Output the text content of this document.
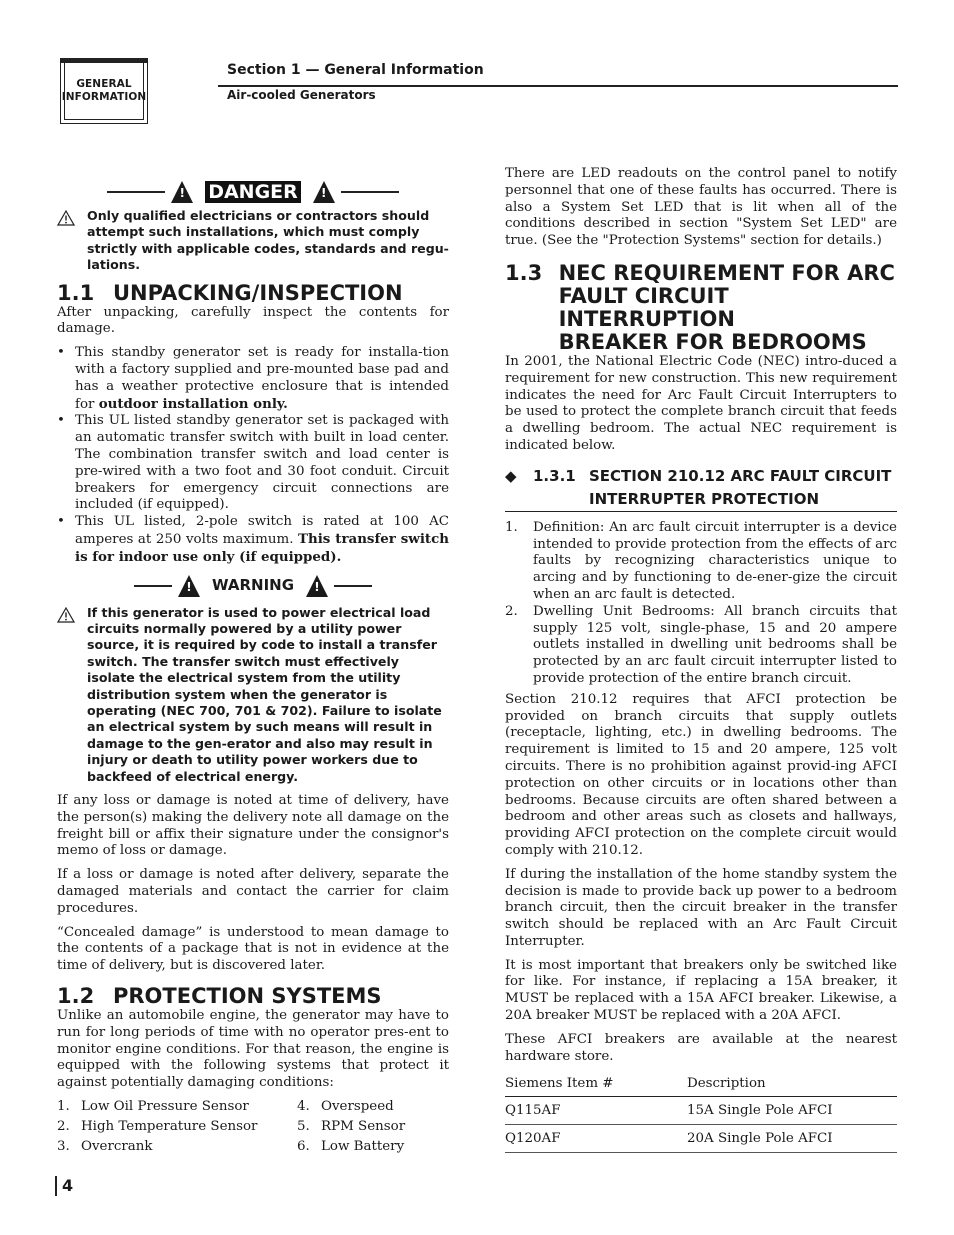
GENERAL
INFORMATION
Section 1 — General Information
Air-cooled Generators
! DANGER !
Only qualified electricians or contractors should attempt such installations, which must comply strictly with applicable codes, standards and regu-lations.
1.1 UNPACKING/INSPECTION

After unpacking, carefully inspect the contents for damage.

• This standby generator set is ready for installa-tion with a factory supplied and pre-mounted base pad and has a weather protective enclosure that is intended for outdoor installation only.
• This UL listed standby generator set is packaged with an automatic transfer switch with built in load center. The combination transfer switch and load center is pre-wired with a two foot and 30 foot conduit. Circuit breakers for emergency circuit connections are included (if equipped).
• This UL listed, 2-pole switch is rated at 100 AC amperes at 250 volts maximum. This transfer switch is for indoor use only (if equipped).
! WARNING !
If this generator is used to power electrical load circuits normally powered by a utility power source, it is required by code to install a transfer switch. The transfer switch must effectively isolate the electrical system from the utility distribution system when the generator is operating (NEC 700, 701 & 702). Failure to isolate an electrical system by such means will result in damage to the gen-erator and also may result in injury or death to utility power workers due to backfeed of electrical energy.

If any loss or damage is noted at time of delivery, have the person(s) making the delivery note all damage on the freight bill or affix their signature under the consignor's memo of loss or damage.

If a loss or damage is noted after delivery, separate the damaged materials and contact the carrier for claim procedures.

“Concealed damage” is understood to mean damage to the contents of a package that is not in evidence at the time of delivery, but is discovered later.

1.2 PROTECTION SYSTEMS

Unlike an automobile engine, the generator may have to run for long periods of time with no operator pres-ent to monitor engine conditions. For that reason, the engine is equipped with the following systems that protect it against potentially damaging conditions:

1. Low Oil Pressure Sensor	4. Overspeed
2. High Temperature Sensor	5. RPM Sensor
3. Overcrank	6. Low Battery

There are LED readouts on the control panel to notify personnel that one of these faults has occurred. There is also a System Set LED that is lit when all of the conditions described in section "System Set LED" are true. (See the "Protection Systems" section for details.)

1.3 NEC REQUIREMENT FOR ARC
FAULT CIRCUIT INTERRUPTION
BREAKER FOR BEDROOMS

In 2001, the National Electric Code (NEC) intro-duced a requirement for new construction. This new requirement indicates the need for Arc Fault Circuit Interrupters to be used to protect the complete branch circuit that feeds a dwelling bedroom. The actual NEC requirement is indicated below.

◆	1.3.1 SECTION 210.12 ARC FAULT CIRCUIT
INTERRUPTER PROTECTION
1.	Definition: An arc fault circuit interrupter is a device intended to provide protection from the effects of arc faults by recognizing characteristics unique to arcing and by functioning to de-ener-gize the circuit when an arc fault is detected.
2.	Dwelling Unit Bedrooms: All branch circuits that supply 125 volt, single-phase, 15 and 20 ampere outlets installed in dwelling unit bedrooms shall be protected by an arc fault circuit interrupter listed to provide protection of the entire branch circuit.

Section 210.12 requires that AFCI protection be provided on branch circuits that supply outlets (receptacle, lighting, etc.) in dwelling bedrooms. The requirement is limited to 15 and 20 ampere, 125 volt circuits. There is no prohibition against provid-ing AFCI protection on other circuits or in locations other than bedrooms. Because circuits are often shared between a bedroom and other areas such as closets and hallways, providing AFCI protection on the complete circuit would comply with 210.12.

If during the installation of the home standby system the decision is made to provide back up power to a bedroom branch circuit, then the circuit breaker in the transfer switch should be replaced with an Arc Fault Circuit Interrupter.

It is most important that breakers only be switched like for like. For instance, if replacing a 15A breaker, it MUST be replaced with a 15A AFCI breaker. Likewise, a 20A breaker MUST be replaced with a 20A AFCI.

These AFCI breakers are available at the nearest hardware store.

Siemens Item #	Description
Q115AF	15A Single Pole AFCI
Q120AF	20A Single Pole AFCI
4
